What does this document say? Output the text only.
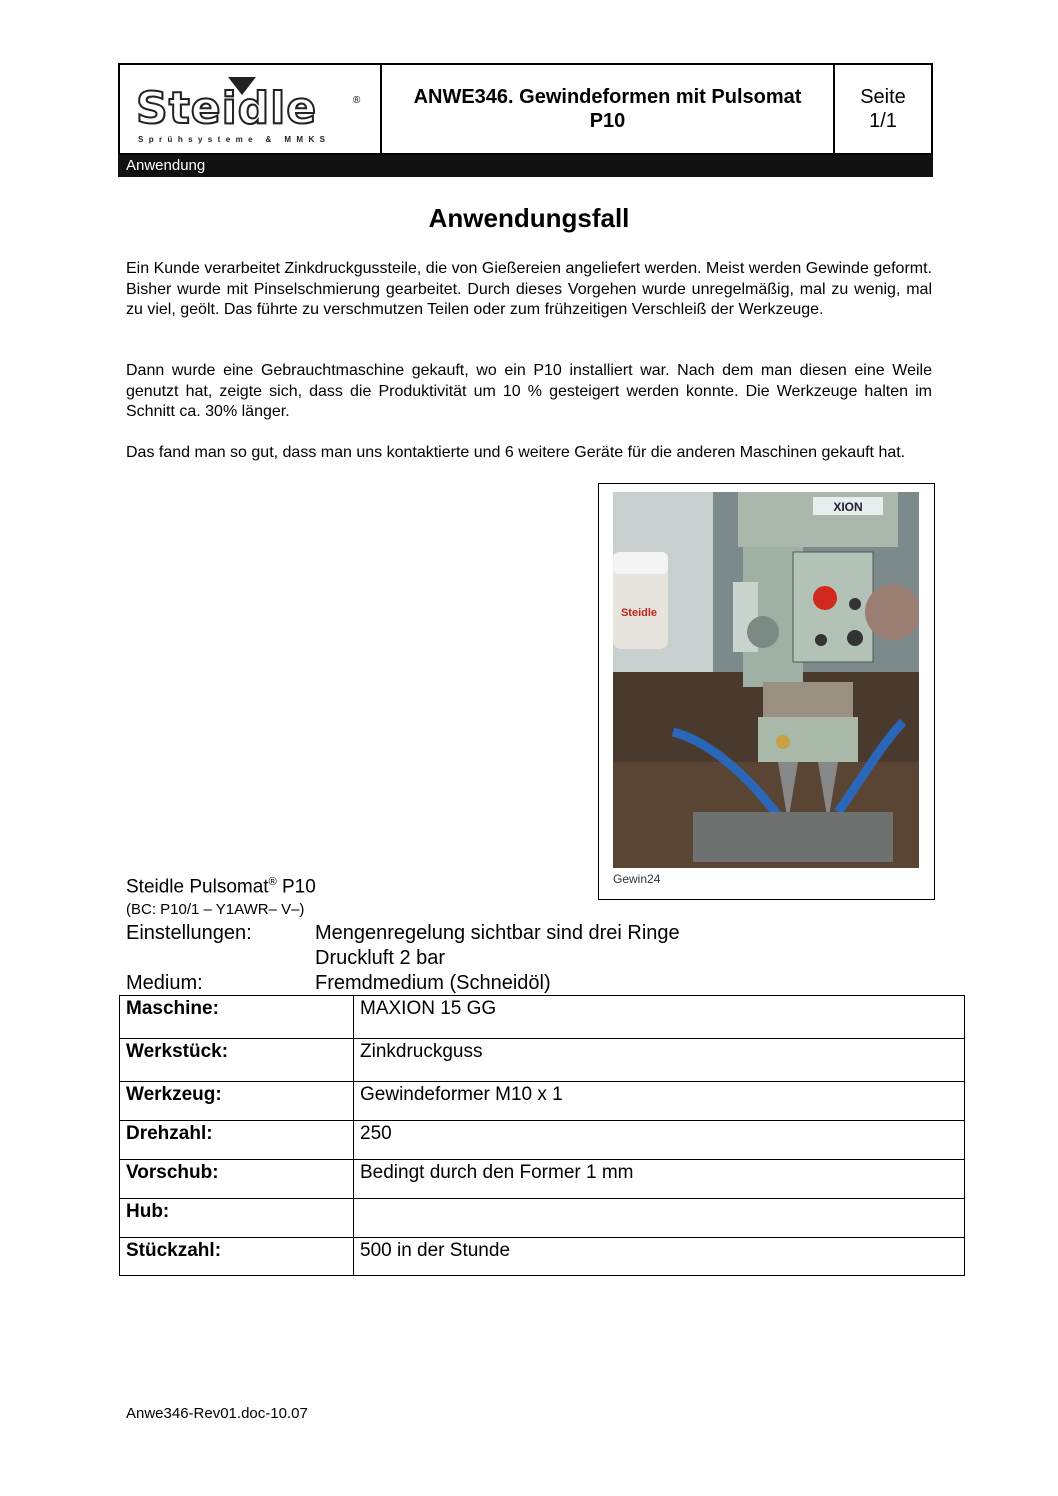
Steidle	®
Sprühsysteme & MMKS
ANWE346. Gewindeformen mit Pulsomat
P10
Seite
1/1
Anwendung
Anwendungsfall

Ein Kunde verarbeitet Zinkdruckgussteile, die von Gießereien angeliefert werden. Meist werden Gewinde geformt. Bisher wurde mit Pinselschmierung gearbeitet. Durch dieses Vorgehen wurde unregelmäßig, mal zu wenig, mal zu viel, geölt. Das führte zu verschmutzen Teilen oder zum frühzeitigen Verschleiß der Werkzeuge.

Dann wurde eine Gebrauchtmaschine gekauft, wo ein P10 installiert war. Nach dem man diesen eine Weile genutzt hat, zeigte sich, dass die Produktivität um 10 % gesteigert werden konnte. Die Werkzeuge halten im Schnitt ca. 30% länger.

Das fand man so gut, dass man uns kontaktierte und 6 weitere Geräte für die anderen Maschinen gekauft hat.

XION
Steidle
Gewin24
Steidle Pulsomat® P10
(BC: P10/1 – Y1AWR– V–)
Einstellungen:	Mengenregelung sichtbar sind drei Ringe
Druckluft 2 bar
Medium:	Fremdmedium (Schneidöl)
Maschine:	MAXION 15 GG
Werkstück:	Zinkdruckguss
Werkzeug:	Gewindeformer M10 x 1
Drehzahl:	250
Vorschub:	Bedingt durch den Former 1 mm
Hub:	
Stückzahl:	500 in der Stunde
Anwe346-Rev01.doc-10.07
